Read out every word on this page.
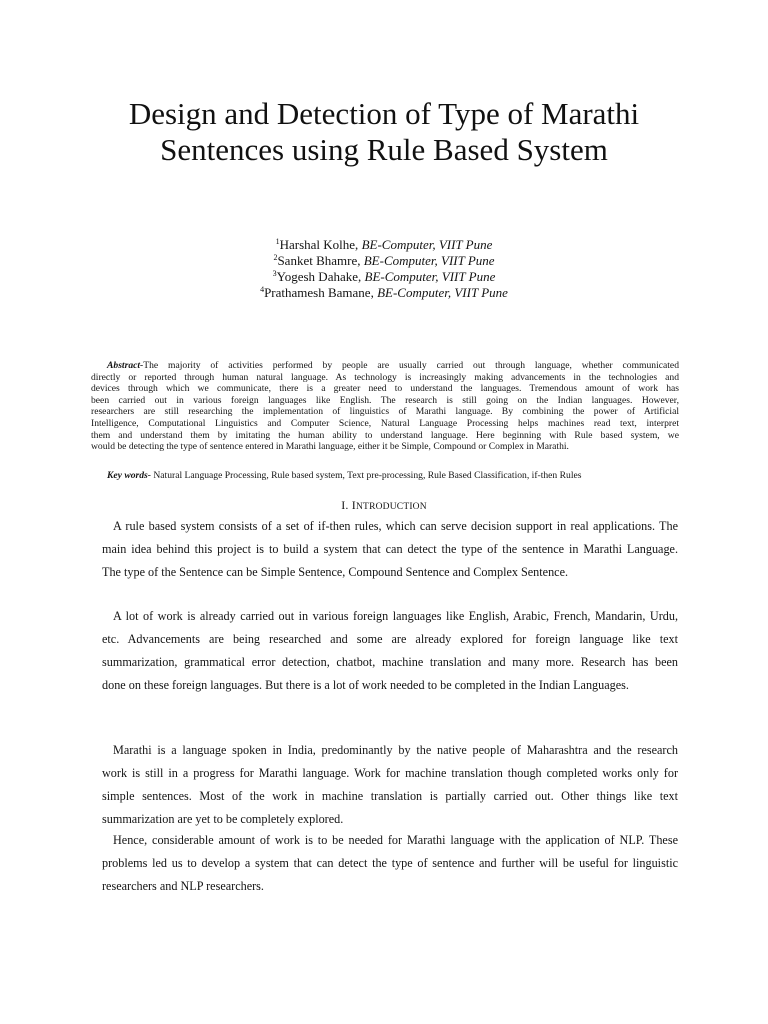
Design and Detection of Type of Marathi
Sentences using Rule Based System
$^1$Harshal Kolhe, BE-Computer, VIIT Pune
$^2$Sanket Bhamre, BE-Computer, VIIT Pune
$^3$Yogesh Dahake, BE-Computer, VIIT Pune
$^4$Prathamesh Bamane, BE-Computer, VIIT Pune
Abstract-The majority of activities performed by people are usually carried out through language, whether communicated
directly or reported through human natural language. As technology is increasingly making advancements in the technologies and
devices through which we communicate, there is a greater need to understand the languages. Tremendous amount of work has
been carried out in various foreign languages like English. The research is still going on the Indian languages. However,
researchers are still researching the implementation of linguistics of Marathi language. By combining the power of Artificial
Intelligence, Computational Linguistics and Computer Science, Natural Language Processing helps machines read text, interpret
them and understand them by imitating the human ability to understand language. Here beginning with Rule based system, we
would be detecting the type of sentence entered in Marathi language, either it be Simple, Compound or Complex in Marathi.

Key words- Natural Language Processing, Rule based system, Text pre-processing, Rule Based Classification, if-then Rules

I. INTRODUCTION
A rule based system consists of a set of if-then rules, which can serve decision support in real applications. The
main idea behind this project is to build a system that can detect the type of the sentence in Marathi Language.
The type of the Sentence can be Simple Sentence, Compound Sentence and Complex Sentence.
A lot of work is already carried out in various foreign languages like English, Arabic, French, Mandarin, Urdu,
etc. Advancements are being researched and some are already explored for foreign language like text
summarization, grammatical error detection, chatbot, machine translation and many more. Research has been
done on these foreign languages. But there is a lot of work needed to be completed in the Indian Languages.
Marathi is a language spoken in India, predominantly by the native people of Maharashtra and the research
work is still in a progress for Marathi language. Work for machine translation though completed works only for
simple sentences. Most of the work in machine translation is partially carried out. Other things like text
summarization are yet to be completely explored.
Hence, considerable amount of work is to be needed for Marathi language with the application of NLP. These
problems led us to develop a system that can detect the type of sentence and further will be useful for linguistic
researchers and NLP researchers.
